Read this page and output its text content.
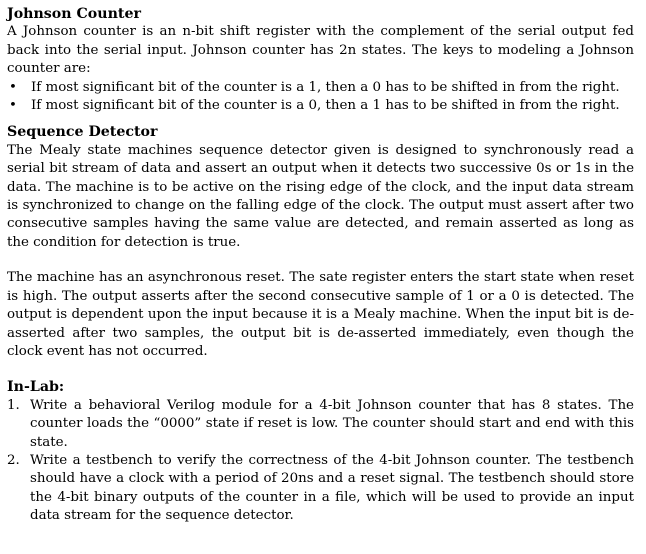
Johnson Counter

A Johnson counter is an n-bit shift register with the complement of the serial output fed back into the serial input. Johnson counter has 2n states. The keys to modeling a Johnson counter are:

• If most significant bit of the counter is a 1, then a 0 has to be shifted in from the right.
• If most significant bit of the counter is a 0, then a 1 has to be shifted in from the right.
Sequence Detector

The Mealy state machines sequence detector given is designed to synchronously read a serial bit stream of data and assert an output when it detects two successive 0s or 1s in the data. The machine is to be active on the rising edge of the clock, and the input data stream is synchronized to change on the falling edge of the clock. The output must assert after two consecutive samples having the same value are detected, and remain asserted as long as the condition for detection is true.

The machine has an asynchronous reset. The sate register enters the start state when reset is high. The output asserts after the second consecutive sample of 1 or a 0 is detected. The output is dependent upon the input because it is a Mealy machine. When the input bit is de-asserted after two samples, the output bit is de-asserted immediately, even though the clock event has not occurred.

In-Lab:
1. Write a behavioral Verilog module for a 4-bit Johnson counter that has 8 states. The counter loads the “0000” state if reset is low. The counter should start and end with this state.
2. Write a testbench to verify the correctness of the 4-bit Johnson counter. The testbench should have a clock with a period of 20ns and a reset signal. The testbench should store the 4-bit binary outputs of the counter in a file, which will be used to provide an input data stream for the sequence detector.
